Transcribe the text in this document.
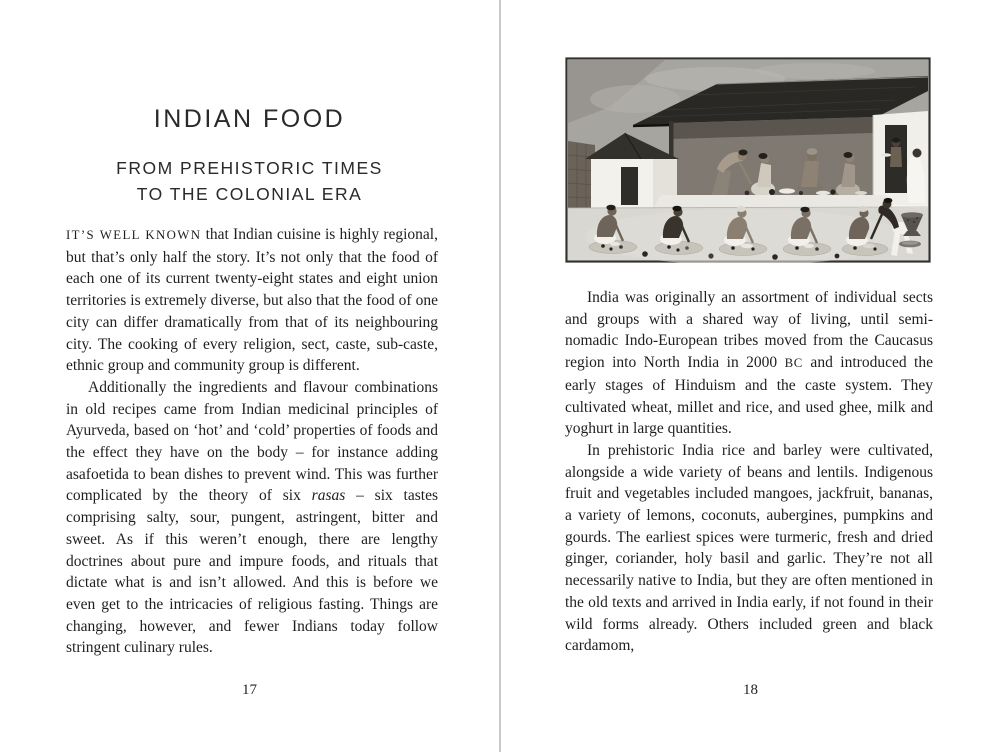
INDIAN FOOD
FROM PREHISTORIC TIMES
TO THE COLONIAL ERA

IT’S WELL KNOWN that Indian cuisine is highly regional, but that’s only half the story. It’s not only that the food of each one of its current twenty-eight states and eight union territories is extremely diverse, but also that the food of one city can differ dramatically from that of its neighbouring city. The cooking of every religion, sect, caste, sub-caste, ethnic group and community group is different.

Additionally the ingredients and flavour combinations in old recipes came from Indian medicinal principles of Ayurveda, based on ‘hot’ and ‘cold’ properties of foods and the effect they have on the body – for instance adding asafoetida to bean dishes to prevent wind. This was further complicated by the theory of six rasas – six tastes comprising salty, sour, pungent, astringent, bitter and sweet. As if this weren’t enough, there are lengthy doctrines about pure and impure foods, and rituals that dictate what is and isn’t allowed. And this is before we even get to the intricacies of religious fasting. Things are changing, however, and fewer Indians today follow stringent culinary rules.

17

India was originally an assortment of individual sects and groups with a shared way of living, until semi-nomadic Indo-European tribes moved from the Caucasus region into North India in 2000 BC and introduced the early stages of Hinduism and the caste system. They cultivated wheat, millet and rice, and used ghee, milk and yoghurt in large quantities.

In prehistoric India rice and barley were cultivated, alongside a wide variety of beans and lentils. Indigenous fruit and vegetables included mangoes, jackfruit, bananas, a variety of lemons, coconuts, aubergines, pumpkins and gourds. The earliest spices were turmeric, fresh and dried ginger, coriander, holy basil and garlic. They’re not all necessarily native to India, but they are often mentioned in the old texts and arrived in India early, if not found in their wild forms already. Others included green and black cardamom,

18
